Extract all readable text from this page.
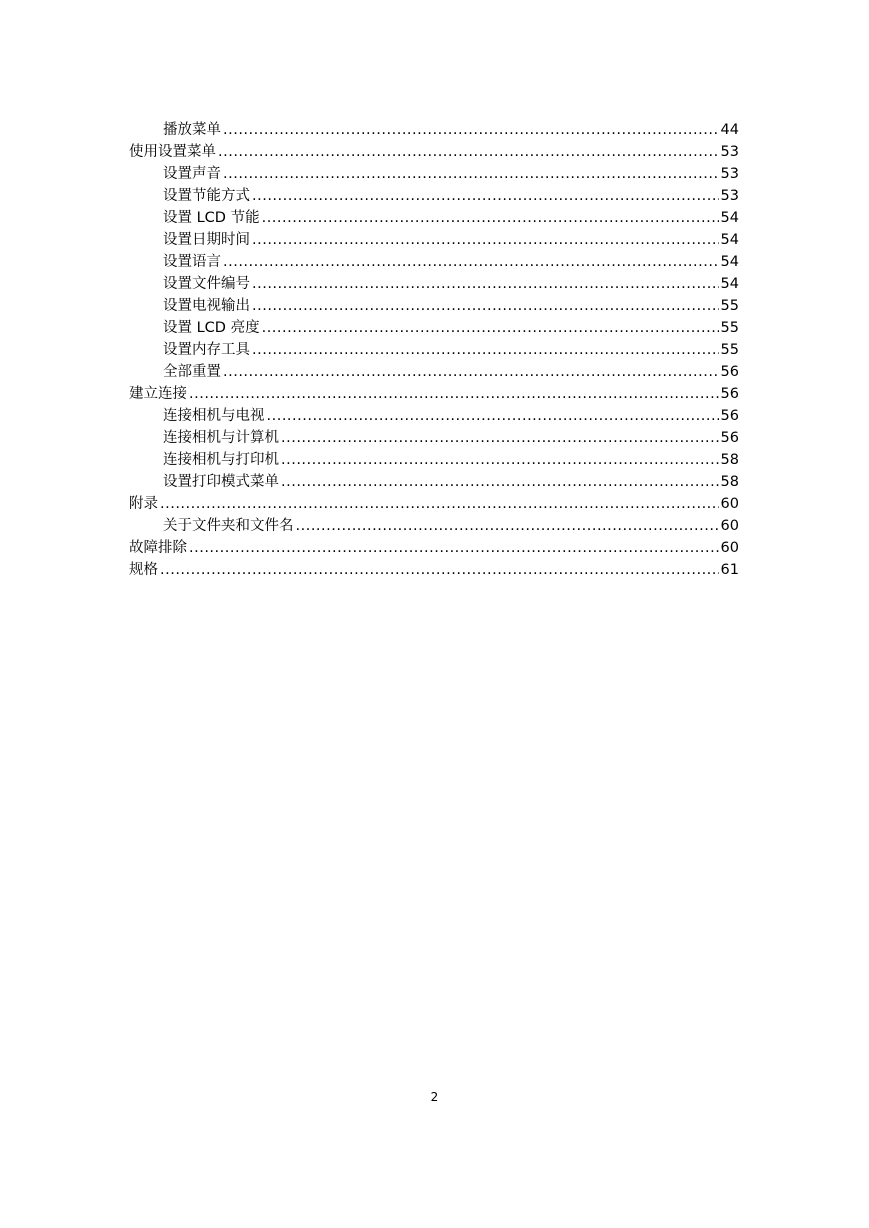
播放菜单 .....	44
使用设置菜单 .....	53
设置声音 .....	53
设置节能方式 .....	53
设置 LCD 节能 .....	54
设置日期时间 .....	54
设置语言 .....	54
设置文件编号 .....	54
设置电视输出 .....	55
设置 LCD 亮度 .....	55
设置内存工具 .....	55
全部重置 .....	56
建立连接 .....	56
连接相机与电视 .....	56
连接相机与计算机 .....	56
连接相机与打印机 .....	58
设置打印模式菜单 .....	58
附录 .....	60
关于文件夹和文件名 .....	60
故障排除 .....	60
规格 .....	61
2
